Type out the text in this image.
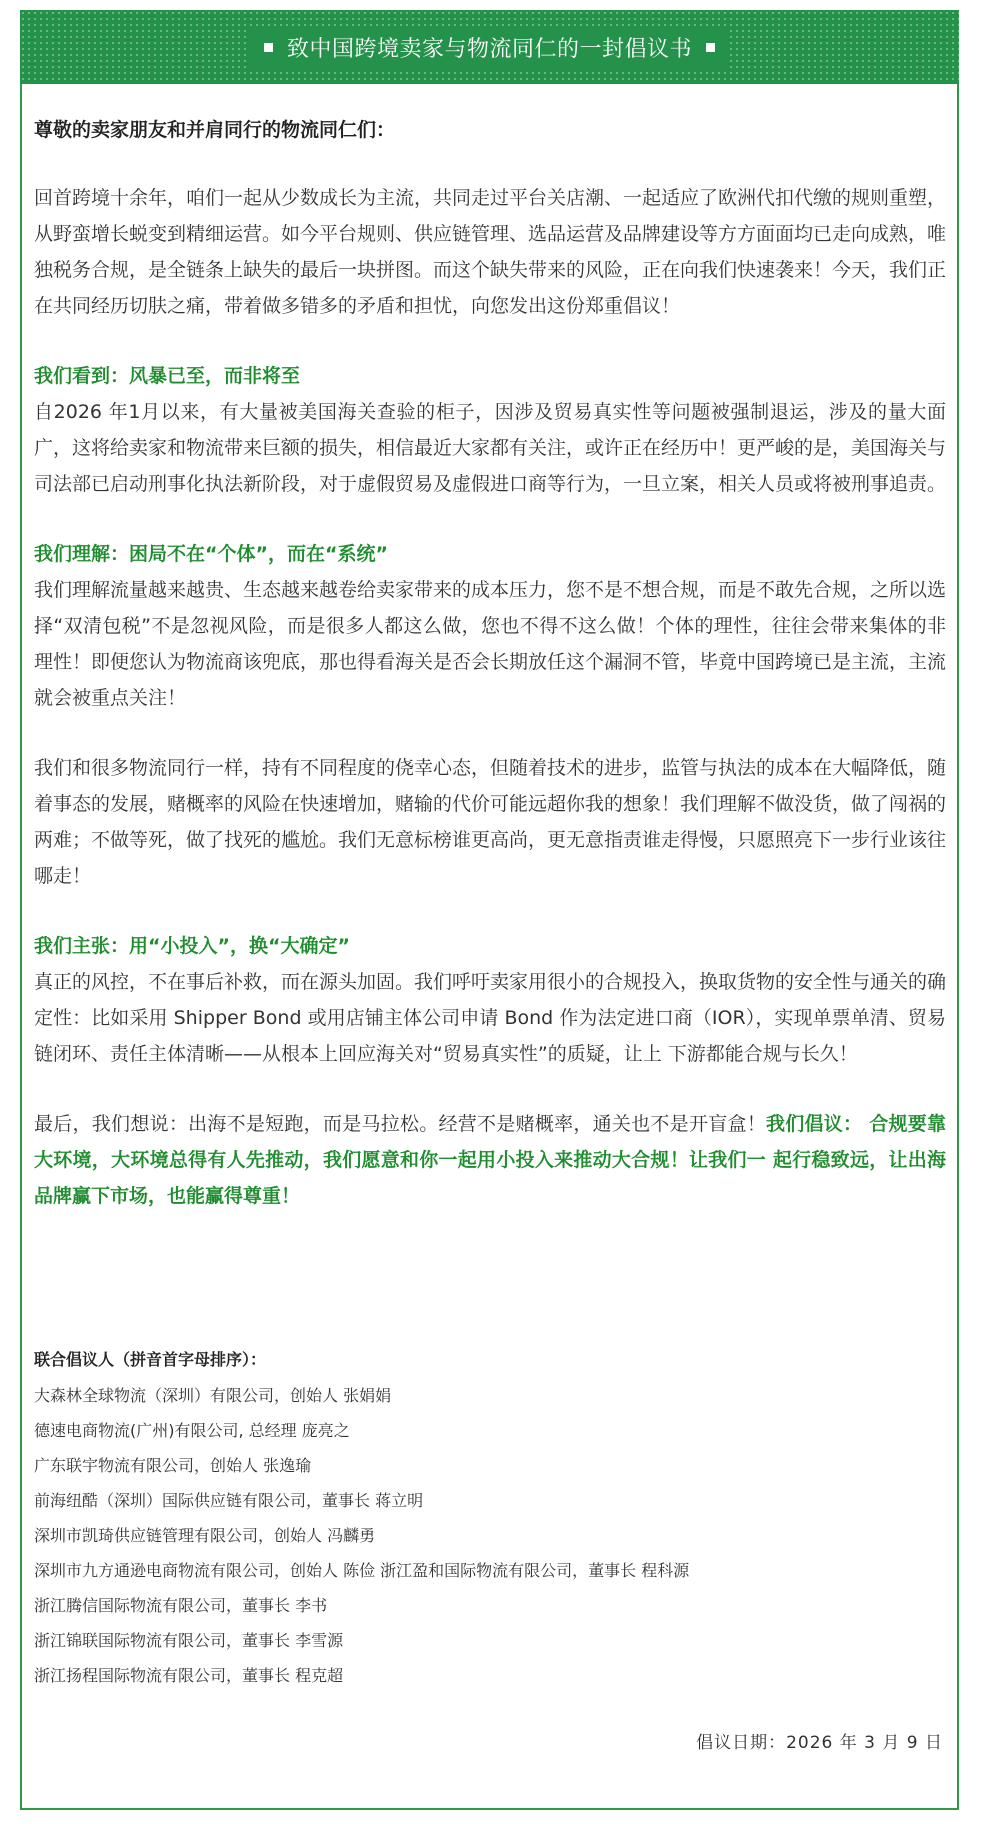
致中国跨境卖家与物流同仁的一封倡议书

尊敬的卖家朋友和并肩同行的物流同仁们：

回首跨境十余年，咱们一起从少数成长为主流，共同走过平台关店潮、一起适应了欧洲代扣代缴的规则重塑，从野蛮增长蜕变到精细运营。如今平台规则、供应链管理、选品运营及品牌建设等方方面面均已走向成熟，唯独税务合规，是全链条上缺失的最后一块拼图。而这个缺失带来的风险，正在向我们快速袭来！今天，我们正在共同经历切肤之痛，带着做多错多的矛盾和担忧，向您发出这份郑重倡议！

我们看到：风暴已至，而非将至

自2026 年1月以来，有大量被美国海关查验的柜子，因涉及贸易真实性等问题被强制退运，涉及的量大面广，这将给卖家和物流带来巨额的损失，相信最近大家都有关注，或许正在经历中！更严峻的是，美国海关与司法部已启动刑事化执法新阶段，对于虚假贸易及虚假进口商等行为，一旦立案，相关人员或将被刑事追责。

我们理解：困局不在“个体”，而在“系统”

我们理解流量越来越贵、生态越来越卷给卖家带来的成本压力，您不是不想合规，而是不敢先合规，之所以选择“双清包税”不是忽视风险，而是很多人都这么做，您也不得不这么做！个体的理性，往往会带来集体的非理性！即便您认为物流商该兜底，那也得看海关是否会长期放任这个漏洞不管，毕竟中国跨境已是主流，主流就会被重点关注！

我们和很多物流同行一样，持有不同程度的侥幸心态，但随着技术的进步，监管与执法的成本在大幅降低，随着事态的发展，赌概率的风险在快速增加，赌输的代价可能远超你我的想象！我们理解不做没货，做了闯祸的两难；不做等死，做了找死的尴尬。我们无意标榜谁更高尚，更无意指责谁走得慢，只愿照亮下一步行业该往哪走！

我们主张：用“小投入”，换“大确定”

真正的风控，不在事后补救，而在源头加固。我们呼吁卖家用很小的合规投入，换取货物的安全性与通关的确定性：比如采用 Shipper Bond 或用店铺主体公司申请 Bond 作为法定进口商（IOR），实现单票单清、贸易链闭环、责任主体清晰——从根本上回应海关对“贸易真实性”的质疑，让上 下游都能合规与长久！

最后，我们想说：出海不是短跑，而是马拉松。经营不是赌概率，通关也不是开盲盒！我们倡议： 合规要靠大环境，大环境总得有人先推动，我们愿意和你一起用小投入来推动大合规！让我们一 起行稳致远，让出海品牌赢下市场，也能赢得尊重！

联合倡议人（拼音首字母排序）：

大森林全球物流（深圳）有限公司，创始人 张娟娟

德速电商物流(广州)有限公司, 总经理 庞亮之

广东联宇物流有限公司，创始人 张逸瑜

前海纽酷（深圳）国际供应链有限公司，董事长 蒋立明

深圳市凯琦供应链管理有限公司，创始人 冯麟勇

深圳市九方通逊电商物流有限公司，创始人 陈俭 浙江盈和国际物流有限公司，董事长 程科源

浙江腾信国际物流有限公司，董事长 李书

浙江锦联国际物流有限公司，董事长 李雪源

浙江扬程国际物流有限公司，董事长 程克超

倡议日期：2026 年 3 月 9 日
